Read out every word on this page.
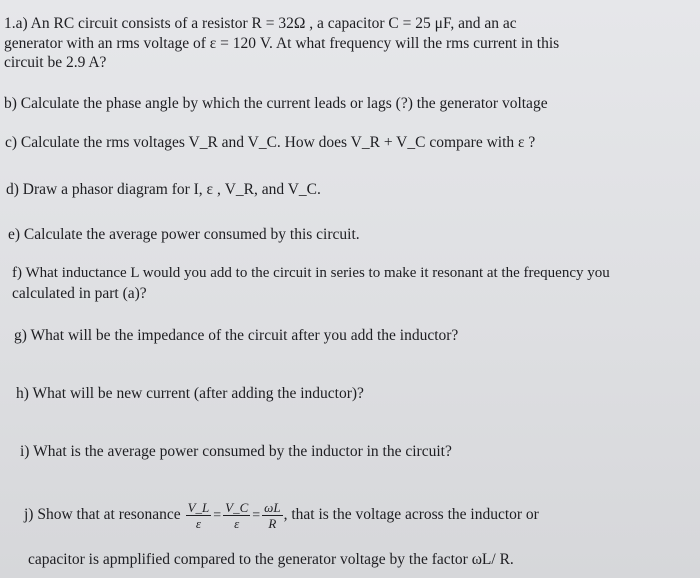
1.a) An RC circuit consists of a resistor R = 32Ω , a capacitor C = 25 μF, and an ac

generator with an rms voltage of ε = 120 V. At what frequency will the rms current in this

circuit be 2.9 A?

b) Calculate the phase angle by which the current leads or lags (?) the generator voltage

c) Calculate the rms voltages V_R and V_C. How does V_R + V_C compare with ε ?

d) Draw a phasor diagram for I, ε , V_R, and V_C.

e) Calculate the average power consumed by this circuit.

f) What inductance L would you add to the circuit in series to make it resonant at the frequency you

calculated in part (a)?

g) What will be the impedance of the circuit after you add the inductor?

h) What will be new current (after adding the inductor)?

i) What is the average power consumed by the inductor in the circuit?

j) Show that at resonance $\frac{V\_L}{\varepsilon} = \frac{V\_C}{\varepsilon} = \frac{\omega L}{R}$ , that is the voltage across the inductor or

capacitor is apmplified compared to the generator voltage by the factor ωL/ R.
